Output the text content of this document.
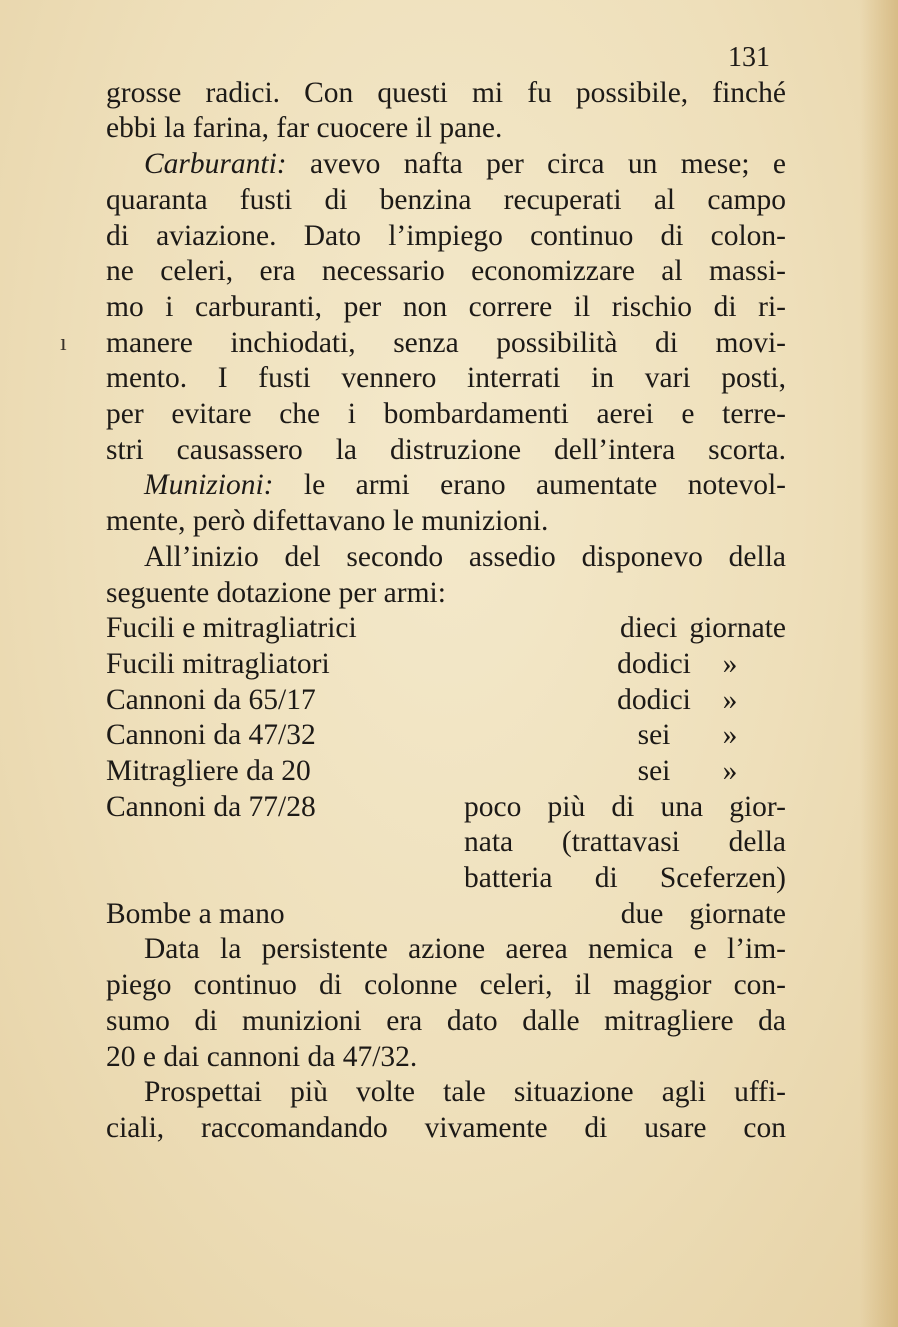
131
ı
grosse radici. Con questi mi fu possibile, finché
ebbi la farina, far cuocere il pane.
Carburanti: avevo nafta per circa un mese; e
quaranta fusti di benzina recuperati al campo
di aviazione. Dato l’impiego continuo di colon-
ne celeri, era necessario economizzare al massi-
mo i carburanti, per non correre il rischio di ri-
manere inchiodati, senza possibilità di movi-
mento. I fusti vennero interrati in vari posti,
per evitare che i bombardamenti aerei e terre-
stri causassero la distruzione dell’intera scorta.
Munizioni: le armi erano aumentate notevol-
mente, però difettavano le munizioni.
All’inizio del secondo assedio disponevo della
seguente dotazione per armi:
Fucili e mitragliatrici	dieci giornate
Fucili mitragliatori	dodici	»
Cannoni da 65/17	dodici	»
Cannoni da 47/32	sei	»
Mitragliere da 20	sei	»
Cannoni da 77/28	poco più di una gior-
nata (trattavasi della
batteria di Sceferzen)
Bombe a mano	due giornate
Data la persistente azione aerea nemica e l’im-
piego continuo di colonne celeri, il maggior con-
sumo di munizioni era dato dalle mitragliere da
20 e dai cannoni da 47/32.
Prospettai più volte tale situazione agli uffi-
ciali, raccomandando vivamente di usare con
